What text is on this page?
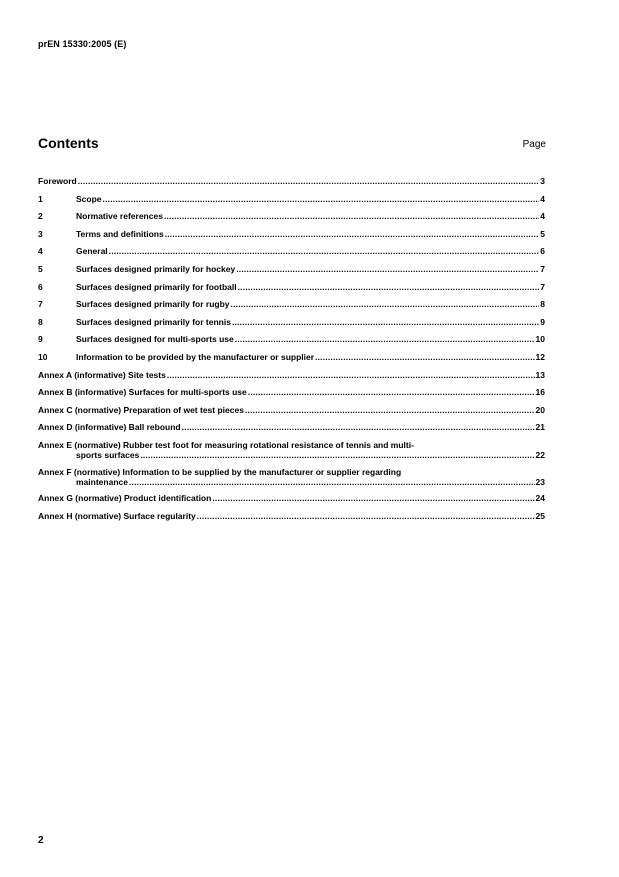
prEN 15330:2005 (E)
Contents	Page
Foreword .....	3
1	Scope .....	4
2	Normative references .....	4
3	Terms and definitions .....	5
4	General .....	6
5	Surfaces designed primarily for hockey .....	7
6	Surfaces designed primarily for football .....	7
7	Surfaces designed primarily for rugby .....	8
8	Surfaces designed primarily for tennis .....	9
9	Surfaces designed for multi-sports use .....	10
10	Information to be provided by the manufacturer or supplier .....	12
Annex A (informative) Site tests .....	13
Annex B (informative) Surfaces for multi-sports use .....	16
Annex C (normative) Preparation of wet test pieces .....	20
Annex D (informative) Ball rebound .....	21
Annex E (normative) Rubber test foot for measuring rotational resistance of tennis and multi-
sports surfaces .....	22
Annex F (normative) Information to be supplied by the manufacturer or supplier regarding
maintenance .....	23
Annex G (normative) Product identification .....	24
Annex H (normative) Surface regularity .....	25
2
